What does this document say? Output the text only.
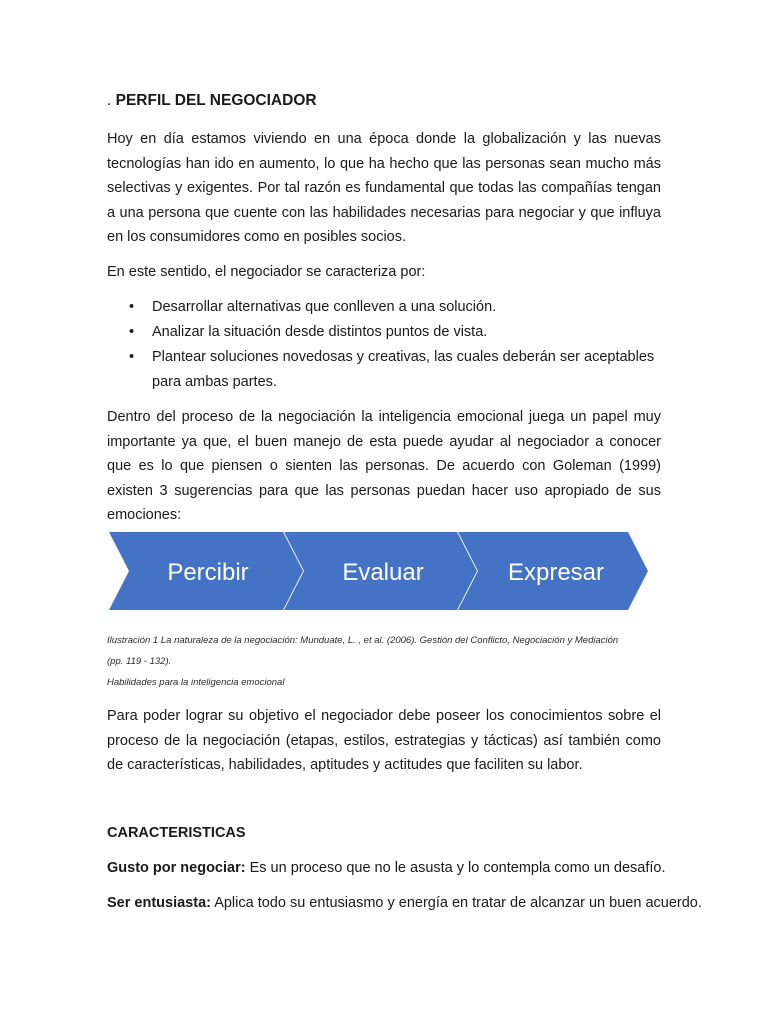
. PERFIL DEL NEGOCIADOR

Hoy en día estamos viviendo en una época donde la globalización y las nuevas tecnologías han ido en aumento, lo que ha hecho que las personas sean mucho más selectivas y exigentes. Por tal razón es fundamental que todas las compañías tengan a una persona que cuente con las habilidades necesarias para negociar y que influya en los consumidores como en posibles socios.

En este sentido, el negociador se caracteriza por:

• Desarrollar alternativas que conlleven a una solución.
• Analizar la situación desde distintos puntos de vista.
• Plantear soluciones novedosas y creativas, las cuales deberán ser aceptables para ambas partes.

Dentro del proceso de la negociación la inteligencia emocional juega un papel muy importante ya que, el buen manejo de esta puede ayudar al negociador a conocer que es lo que piensen o sienten las personas. De acuerdo con Goleman (1999) existen 3 sugerencias para que las personas puedan hacer uso apropiado de sus emociones:

Percibir	Evaluar	Expresar

Ilustración 1 La naturaleza de la negociación: Munduate, L. , et al. (2006). Gestión del Conflicto, Negociación y Mediación
(pp. 119 - 132).
Habilidades para la inteligencia emocional

Para poder lograr su objetivo el negociador debe poseer los conocimientos sobre el proceso de la negociación (etapas, estilos, estrategias y tácticas) así también como de características, habilidades, aptitudes y actitudes que faciliten su labor.

CARACTERISTICAS
Gusto por negociar: Es un proceso que no le asusta y lo contempla como un desafío.
Ser entusiasta: Aplica todo su entusiasmo y energía en tratar de alcanzar un buen acuerdo.
